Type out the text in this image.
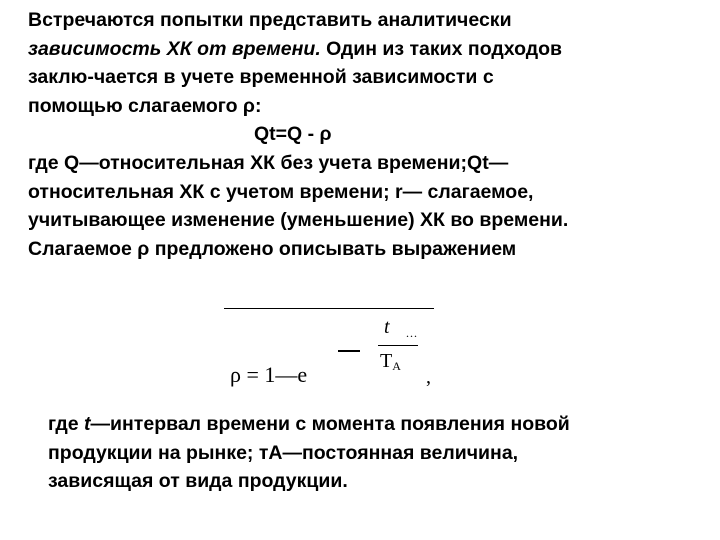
Встречаются попытки представить аналитически
зависимость ХК от времени. Один из таких подходов
заклю-чается в учете временной зависимости с
помощью слагаемого ρ:
Qt=Q - ρ
где Q—относительная ХК без учета времени;Qt—
относительная ХК с учетом времени; r— слагаемое,
учитывающее изменение (уменьшение) ХК во времени.
Слагаемое ρ предложено описывать выражением
ρ = 1—e
t ...
$T_A$ ,
где t—интервал времени с момента появления новой
продукции на рынке; тА—постоянная величина,
зависящая от вида продукции.
